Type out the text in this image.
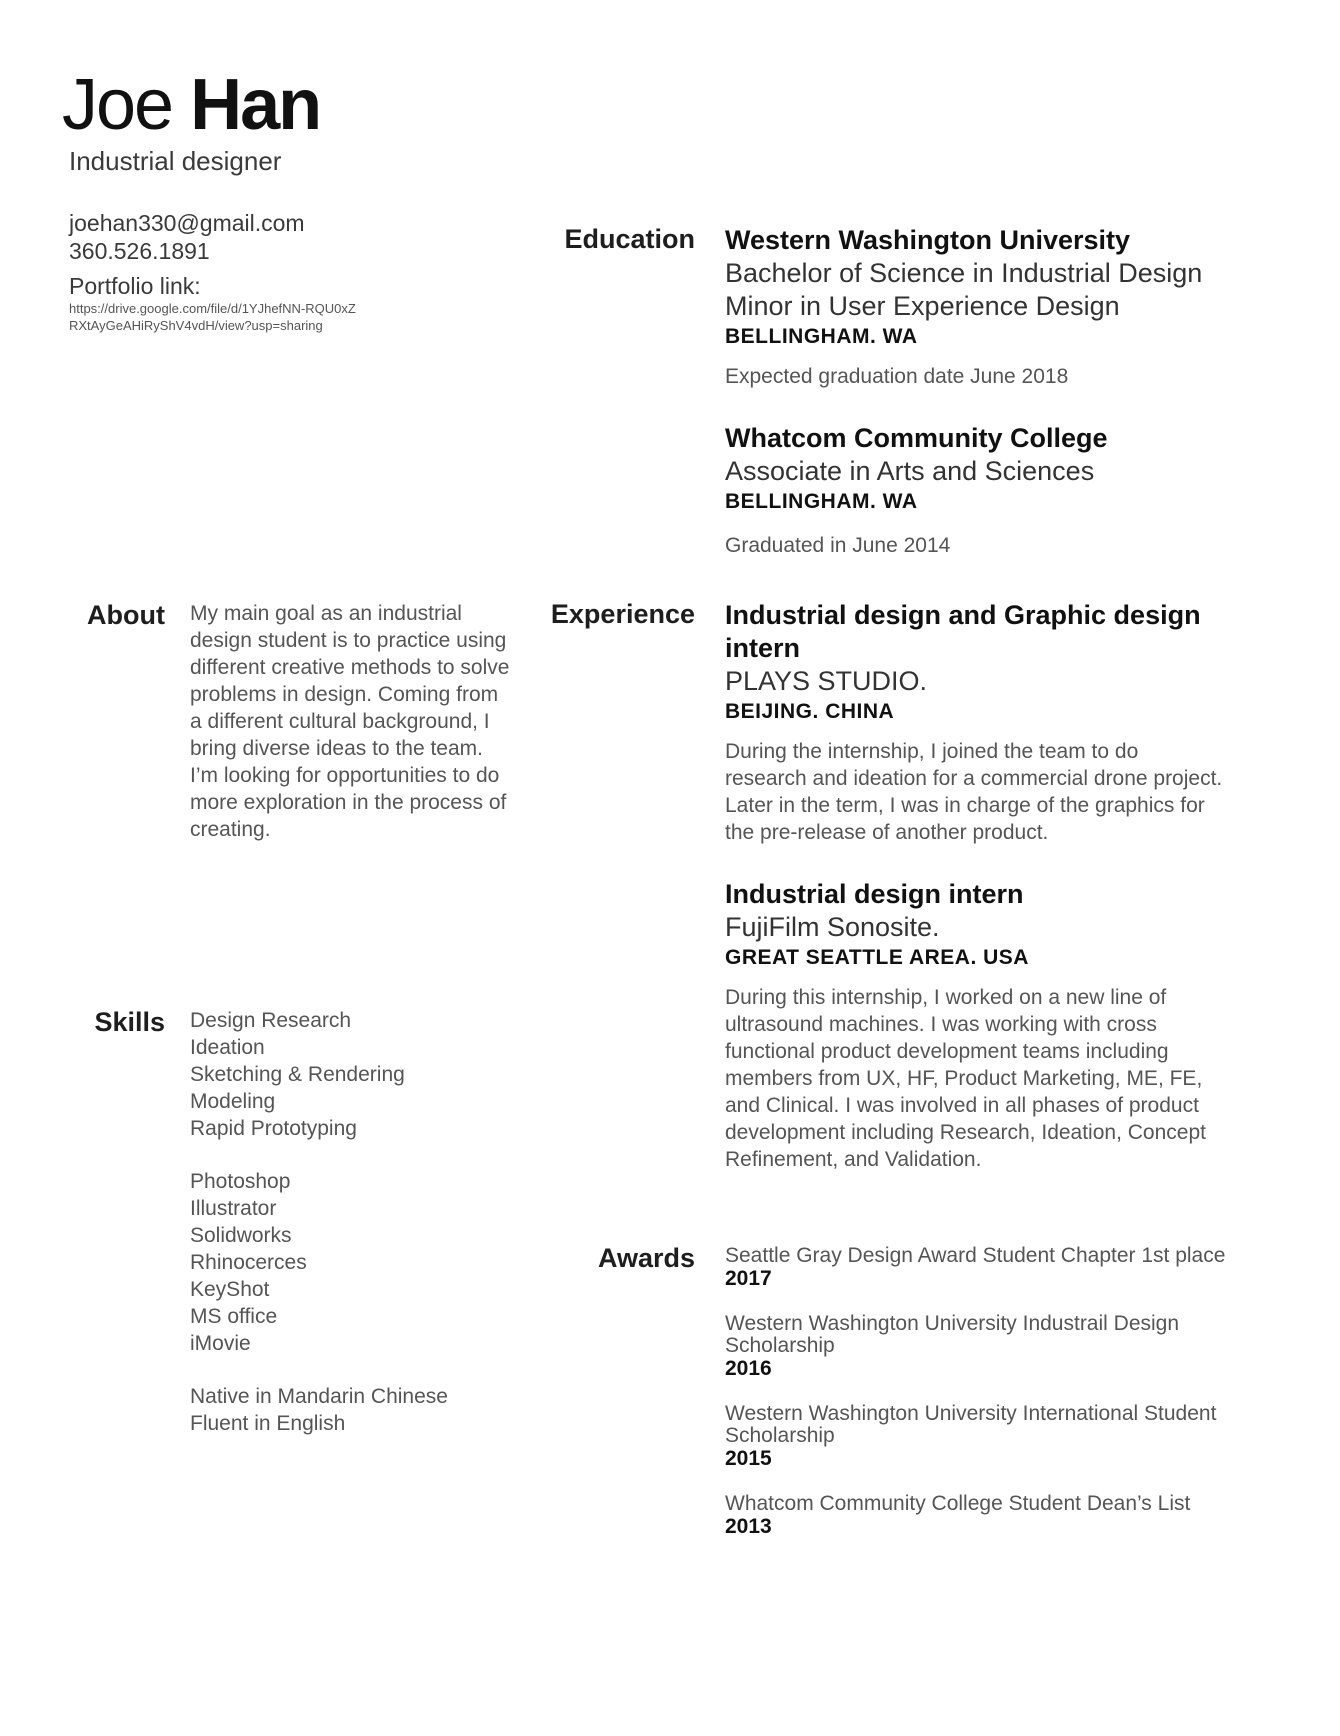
Joe Han
Industrial designer
joehan330@gmail.com
360.526.1891
Portfolio link:
https://drive.google.com/file/d/1YJhefNN-RQU0xZRXtAyGeAHiRyShV4vdH/view?usp=sharing
Education Western Washington University
Bachelor of Science in Industrial Design
Minor in User Experience Design
BELLINGHAM. WA
Expected graduation date June 2018
Whatcom Community College
Associate in Arts and Sciences
BELLINGHAM. WA
Graduated in June 2014
About My main goal as an industrial design student is to practice using different creative methods to solve problems in design. Coming from a different cultural background, I bring diverse ideas to the team. I’m looking for opportunities to do more exploration in the process of creating.
Experience Industrial design and Graphic design intern
PLAYS STUDIO.
BEIJING. CHINA
During the internship, I joined the team to do research and ideation for a commercial drone project. Later in the term, I was in charge of the graphics for the pre-release of another product.
Industrial design intern
FujiFilm Sonosite.
GREAT SEATTLE AREA. USA
During this internship, I worked on a new line of ultrasound machines. I was working with cross functional product development teams including members from UX, HF, Product Marketing, ME, FE, and Clinical. I was involved in all phases of product development including Research, Ideation, Concept Refinement, and Validation.
Skills Design Research
Ideation
Sketching & Rendering
Modeling
Rapid Prototyping
Photoshop
Illustrator
Solidworks
Rhinocerces
KeyShot
MS office
iMovie
Native in Mandarin Chinese
Fluent in English
Awards Seattle Gray Design Award Student Chapter 1st place
2017
Western Washington University Industrail Design Scholarship
2016
Western Washington University International Student Scholarship
2015
Whatcom Community College Student Dean’s List
2013
